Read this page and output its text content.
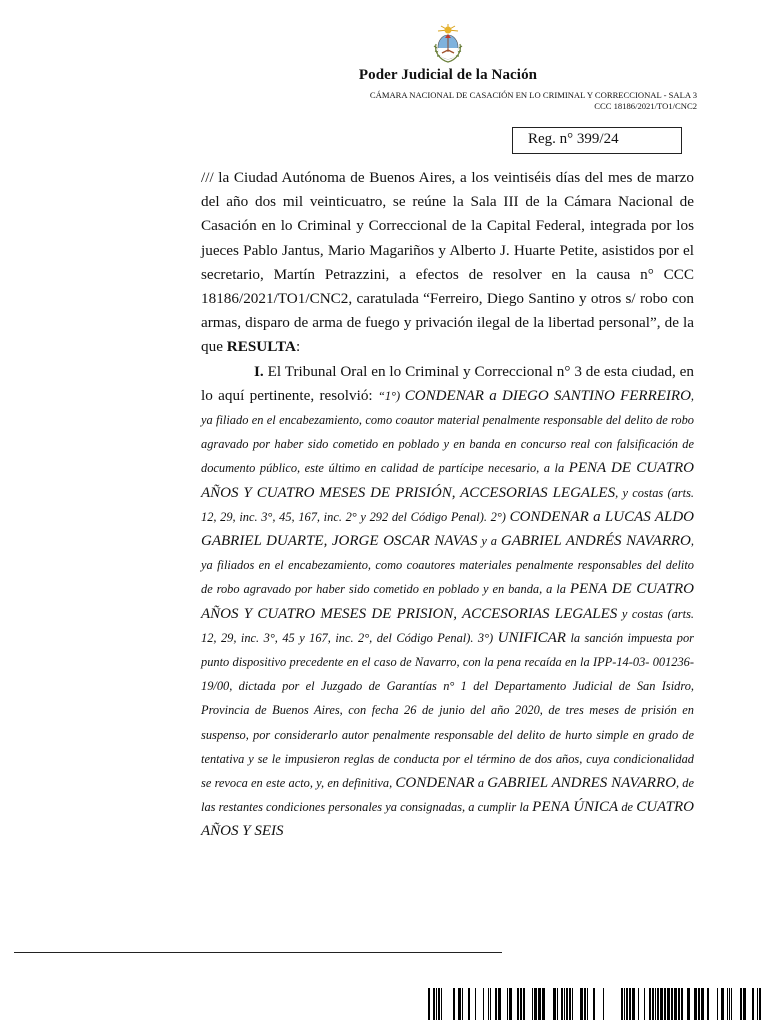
Poder Judicial de la Nación
CÁMARA NACIONAL DE CASACIÓN EN LO CRIMINAL Y CORRECCIONAL - SALA 3
CCC 18186/2021/TO1/CNC2
Reg. n° 399/24

/// la Ciudad Autónoma de Buenos Aires, a los veintiséis días del mes de marzo del año dos mil veinticuatro, se reúne la Sala III de la Cámara Nacional de Casación en lo Criminal y Correccional de la Capital Federal, integrada por los jueces Pablo Jantus, Mario Magariños y Alberto J. Huarte Petite, asistidos por el secretario, Martín Petrazzini, a efectos de resolver en la causa n° CCC 18186/2021/TO1/CNC2, caratulada “Ferreiro, Diego Santino y otros s/ robo con armas, disparo de arma de fuego y privación ilegal de la libertad personal”, de la que RESULTA:

I. El Tribunal Oral en lo Criminal y Correccional n° 3 de esta ciudad, en lo aquí pertinente, resolvió: “1°) CONDENAR a DIEGO SANTINO FERREIRO, ya filiado en el encabezamiento, como coautor material penalmente responsable del delito de robo agravado por haber sido cometido en poblado y en banda en concurso real con falsificación de documento público, este último en calidad de partícipe necesario, a la PENA DE CUATRO AÑOS Y CUATRO MESES DE PRISIÓN, ACCESORIAS LEGALES, y costas (arts. 12, 29, inc. 3°, 45, 167, inc. 2° y 292 del Código Penal). 2°) CONDENAR a LUCAS ALDO GABRIEL DUARTE, JORGE OSCAR NAVAS y a GABRIEL ANDRÉS NAVARRO, ya filiados en el encabezamiento, como coautores materiales penalmente responsables del delito de robo agravado por haber sido cometido en poblado y en banda, a la PENA DE CUATRO AÑOS Y CUATRO MESES DE PRISION, ACCESORIAS LEGALES y costas (arts. 12, 29, inc. 3°, 45 y 167, inc. 2°, del Código Penal). 3°) UNIFICAR la sanción impuesta por punto dispositivo precedente en el caso de Navarro, con la pena recaída en la IPP-14-03- 001236-19/00, dictada por el Juzgado de Garantías n° 1 del Departamento Judicial de San Isidro, Provincia de Buenos Aires, con fecha 26 de junio del año 2020, de tres meses de prisión en suspenso, por considerarlo autor penalmente responsable del delito de hurto simple en grado de tentativa y se le impusieron reglas de conducta por el término de dos años, cuya condicionalidad se revoca en este acto, y, en definitiva, CONDENAR a GABRIEL ANDRES NAVARRO, de las restantes condiciones personales ya consignadas, a cumplir la PENA ÚNICA de CUATRO AÑOS Y SEIS
